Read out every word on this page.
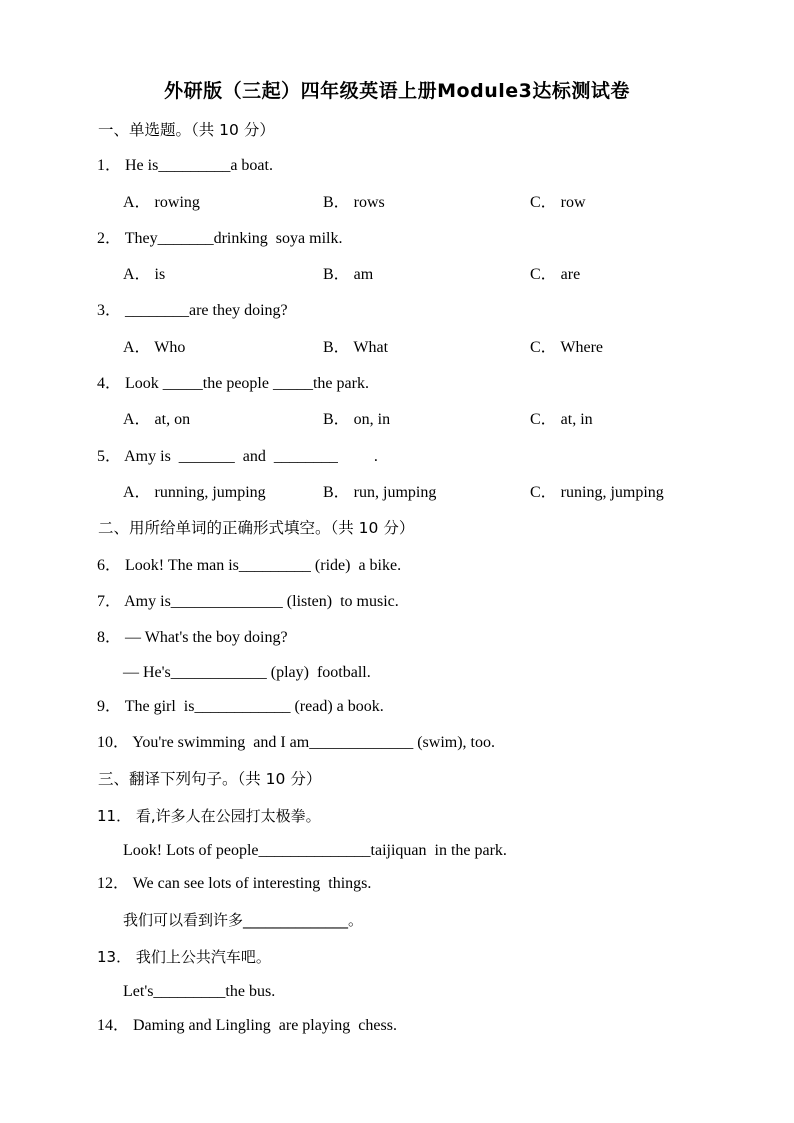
外研版（三起）四年级英语上册Module3达标测试卷
一、单选题。（共 10 分）
1． He is_________a boat.
A． rowing	B． rows	C． row
2． They_______drinking  soya milk.
A． is	B． am	C． are
3． ________are they doing?
A． Who	B． What	C． Where
4． Look _____the people _____the park.
A． at, on	B． on, in	C． at, in
5． Amy is  _______  and  ________         .
A． running, jumping	B． run, jumping	C． runing, jumping
二、用所给单词的正确形式填空。（共 10 分）
6． Look! The man is_________ (ride)  a bike.
7． Amy is______________ (listen)  to music.
8． — What's the boy doing?
— He's____________ (play)  football.
9． The girl  is____________ (read) a book.
10． You're swimming  and I am_____________ (swim), too.
三、翻译下列句子。（共 10 分）
11． 看,许多人在公园打太极拳。
Look! Lots of people______________taijiquan  in the park.
12． We can see lots of interesting  things.
我们可以看到许多______________。
13． 我们上公共汽车吧。
Let's_________the bus.
14． Daming and Lingling  are playing  chess.
